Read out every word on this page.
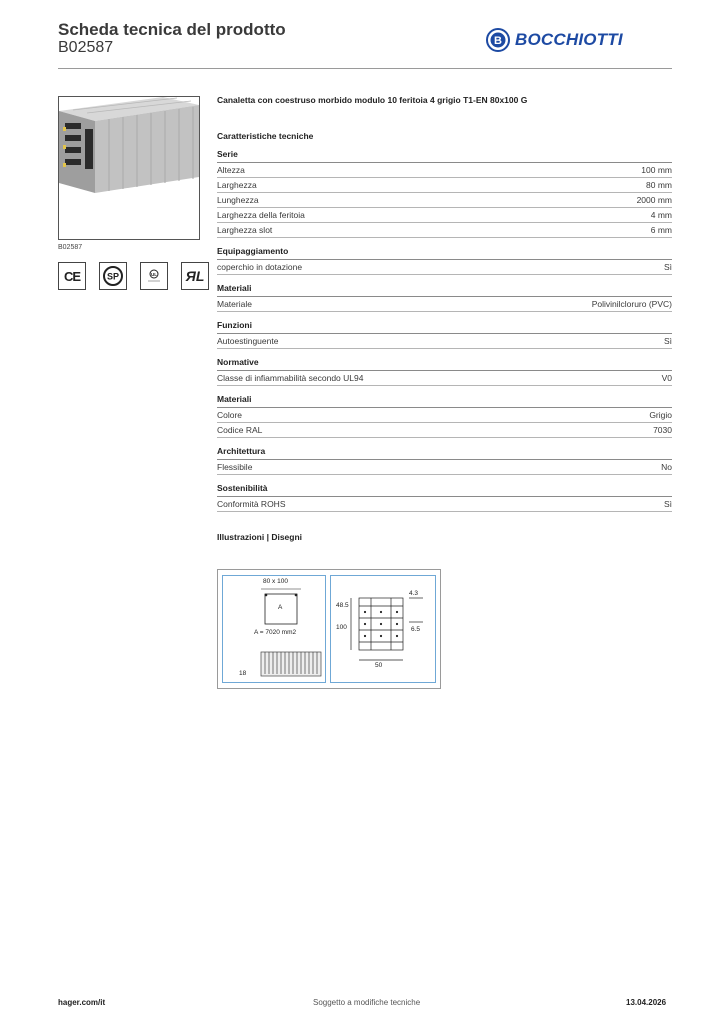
Scheda tecnica del prodotto
B02587	B BOCCHIOTTI
B02587
CE	SP	UL ЯL
Canaletta con coestruso morbido modulo 10 feritoia 4 grigio T1-EN 80x100 G
Caratteristiche tecniche
Serie
Altezza	100 mm
Larghezza	80 mm
Lunghezza	2000 mm
Larghezza della feritoia	4 mm
Larghezza slot	6 mm
Equipaggiamento
coperchio in dotazione	Sì
Materiali
Materiale	Polivinilcloruro (PVC)
Funzioni
Autoestinguente	Sì
Normative
Classe di infiammabilità secondo UL94	V0
Materiali
Colore	Grigio
Codice RAL	7030
Architettura
Flessibile	No
Sostenibilità
Conformità ROHS	Sì
Illustrazioni | Disegni
80 x 100
A
A = 7020 mm2
18
4.3
48.5
100	6.5
50
hager.com/it	Soggetto a modifiche tecniche	13.04.2026
